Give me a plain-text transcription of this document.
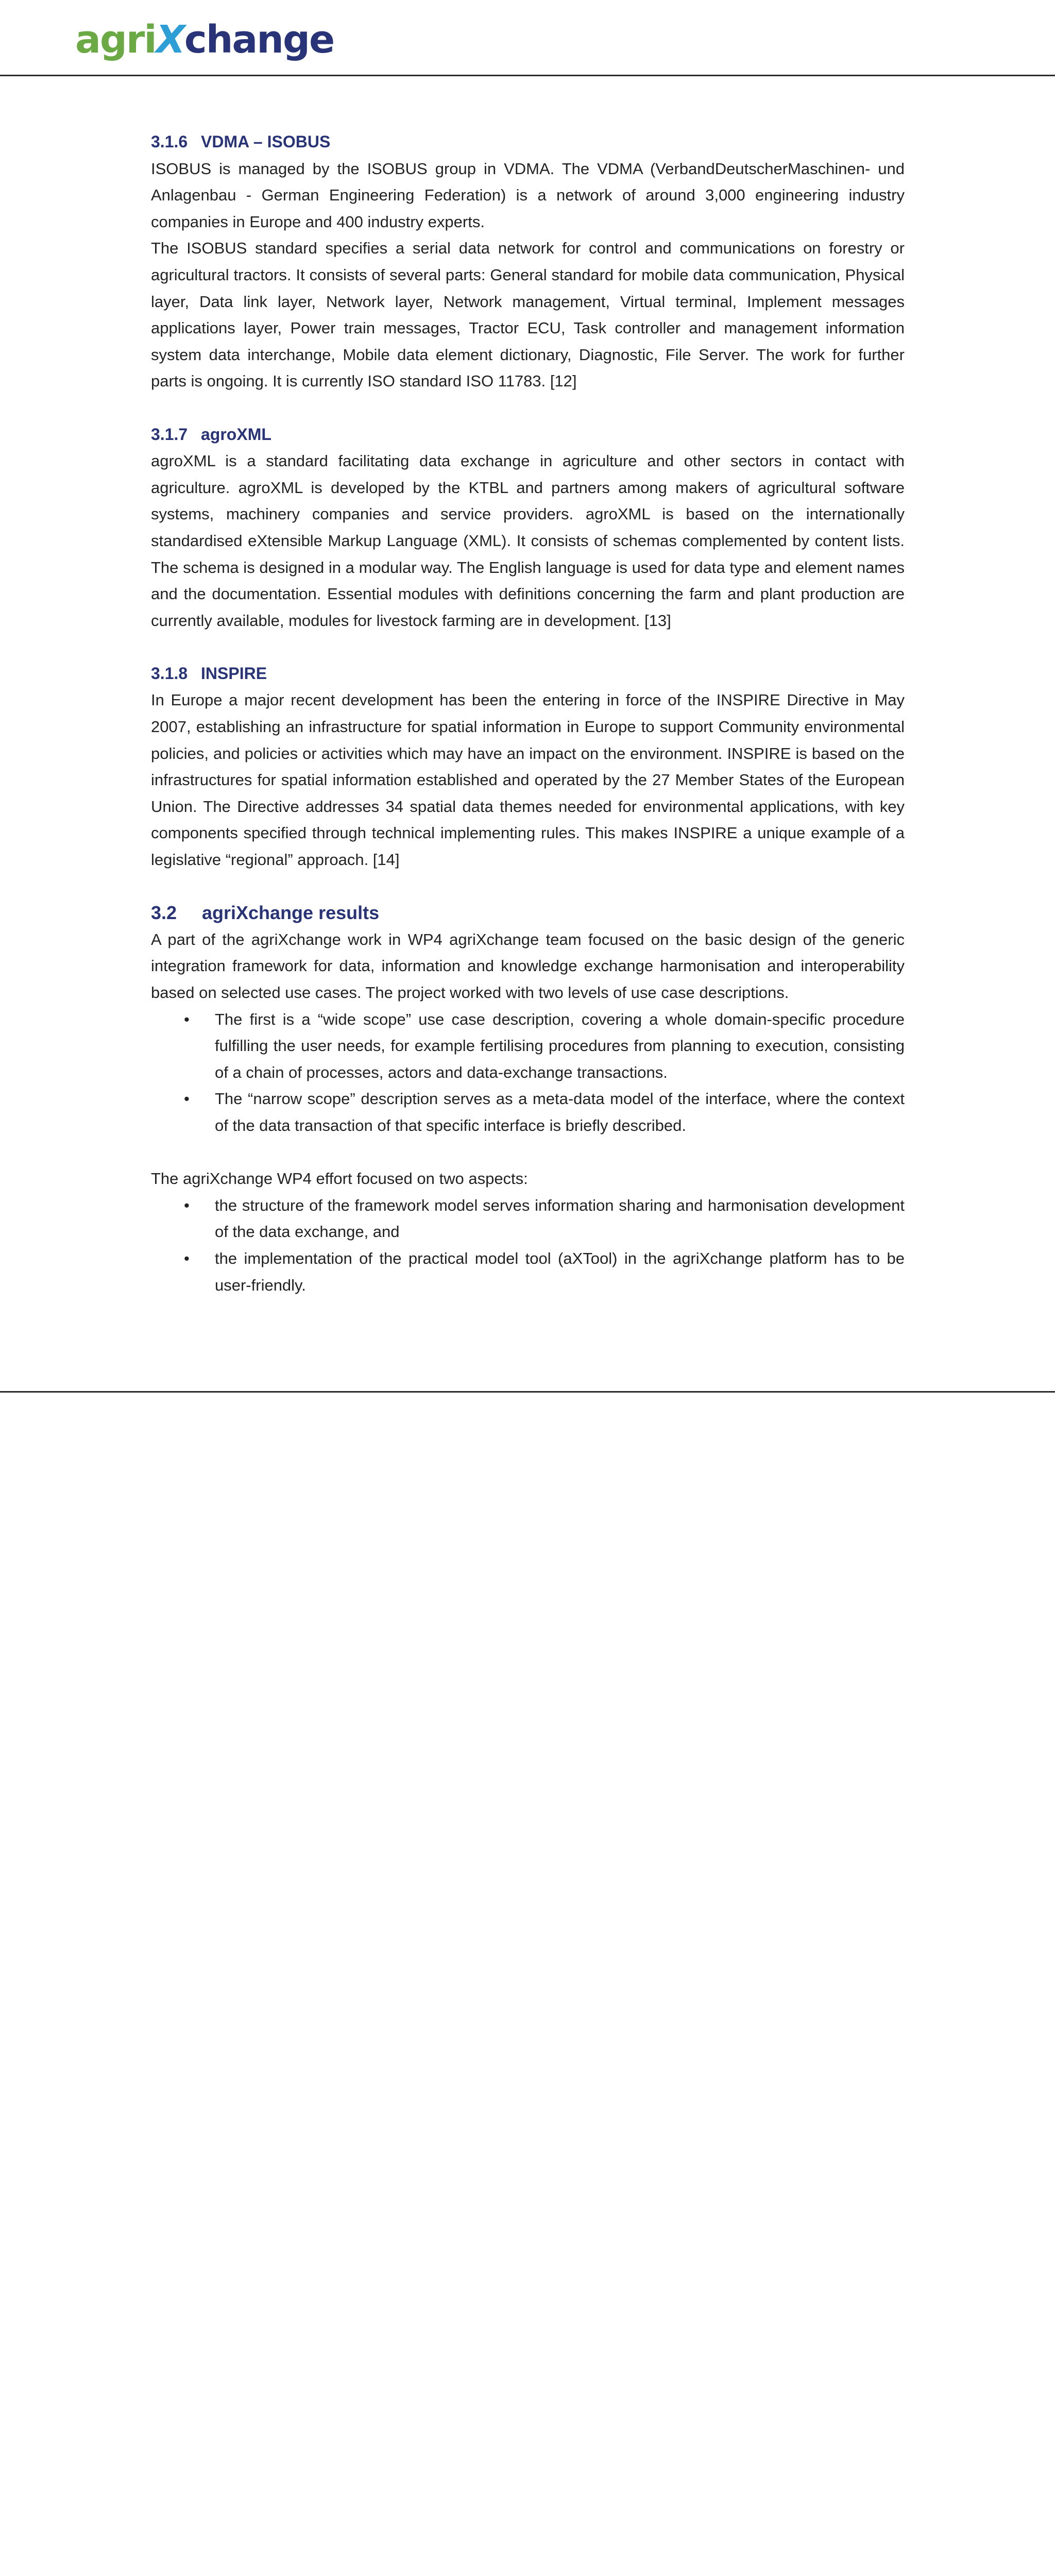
agriXchange
3.1.6 VDMA – ISOBUS

ISOBUS is managed by the ISOBUS group in VDMA. The VDMA (VerbandDeutscherMaschinen- und Anlagenbau - German Engineering Federation) is a network of around 3,000 engineering industry companies in Europe and 400 industry experts.

The ISOBUS standard specifies a serial data network for control and communications on forestry or agricultural tractors. It consists of several parts: General standard for mobile data communication, Physical layer, Data link layer, Network layer, Network management, Virtual terminal, Implement messages applications layer, Power train messages, Tractor ECU, Task controller and management information system data interchange, Mobile data element dictionary, Diagnostic, File Server. The work for further parts is ongoing. It is currently ISO standard ISO 11783. [12]

3.1.7 agroXML

agroXML is a standard facilitating data exchange in agriculture and other sectors in contact with agriculture. agroXML is developed by the KTBL and partners among makers of agricultural software systems, machinery companies and service providers. agroXML is based on the internationally standardised eXtensible Markup Language (XML). It consists of schemas complemented by content lists. The schema is designed in a modular way. The English language is used for data type and element names and the documentation. Essential modules with definitions concerning the farm and plant production are currently available, modules for livestock farming are in development. [13]

3.1.8 INSPIRE

In Europe a major recent development has been the entering in force of the INSPIRE Directive in May 2007, establishing an infrastructure for spatial information in Europe to support Community environmental policies, and policies or activities which may have an impact on the environment. INSPIRE is based on the infrastructures for spatial information established and operated by the 27 Member States of the European Union. The Directive addresses 34 spatial data themes needed for environmental applications, with key components specified through technical implementing rules. This makes INSPIRE a unique example of a legislative “regional” approach. [14]

3.2 agriXchange results

A part of the agriXchange work in WP4 agriXchange team focused on the basic design of the generic integration framework for data, information and knowledge exchange harmonisation and interoperability based on selected use cases. The project worked with two levels of use case descriptions.

• The first is a “wide scope” use case description, covering a whole domain-specific procedure fulfilling the user needs, for example fertilising procedures from planning to execution, consisting of a chain of processes, actors and data-exchange transactions.
• The “narrow scope” description serves as a meta-data model of the interface, where the context of the data transaction of that specific interface is briefly described.

The agriXchange WP4 effort focused on two aspects:

• the structure of the framework model serves information sharing and harmonisation development of the data exchange, and
• the implementation of the practical model tool (aXTool) in the agriXchange platform has to be user-friendly.
